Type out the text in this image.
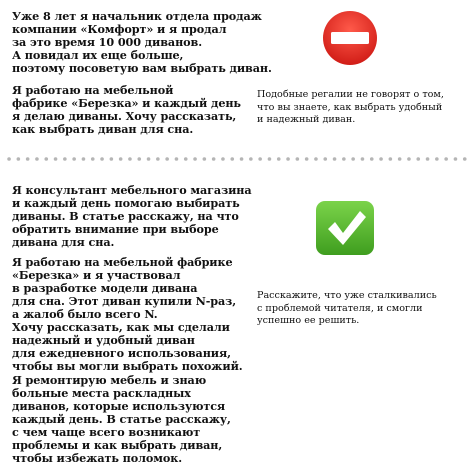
Уже 8 лет я начальник отдела продаж
компании «Комфорт» и я продал
за это время 10 000 диванов.
А повидал их еще больше,
поэтому посоветую вам выбрать диван.
Я работаю на мебельной
фабрике «Березка» и каждый день
я делаю диваны. Хочу рассказать,
как выбрать диван для сна.
Подобные регалии не говорят о том,
что вы знаете, как выбрать удобный
и надежный диван.
Я консультант мебельного магазина
и каждый день помогаю выбирать
диваны. В статье расскажу, на что
обратить внимание при выборе
дивана для сна.
Я работаю на мебельной фабрике
«Березка» и я участвовал
в разработке модели дивана
для сна. Этот диван купили N-раз,
а жалоб было всего N.
Хочу рассказать, как мы сделали
надежный и удобный диван
для ежедневного использования,
чтобы вы могли выбрать похожий.
Я ремонтирую мебель и знаю
больные места раскладных
диванов, которые используются
каждый день. В статье расскажу,
с чем чаще всего возникают
проблемы и как выбрать диван,
чтобы избежать поломок.
Расскажите, что уже сталкивались
с проблемой читателя, и смогли
успешно ее решить.
